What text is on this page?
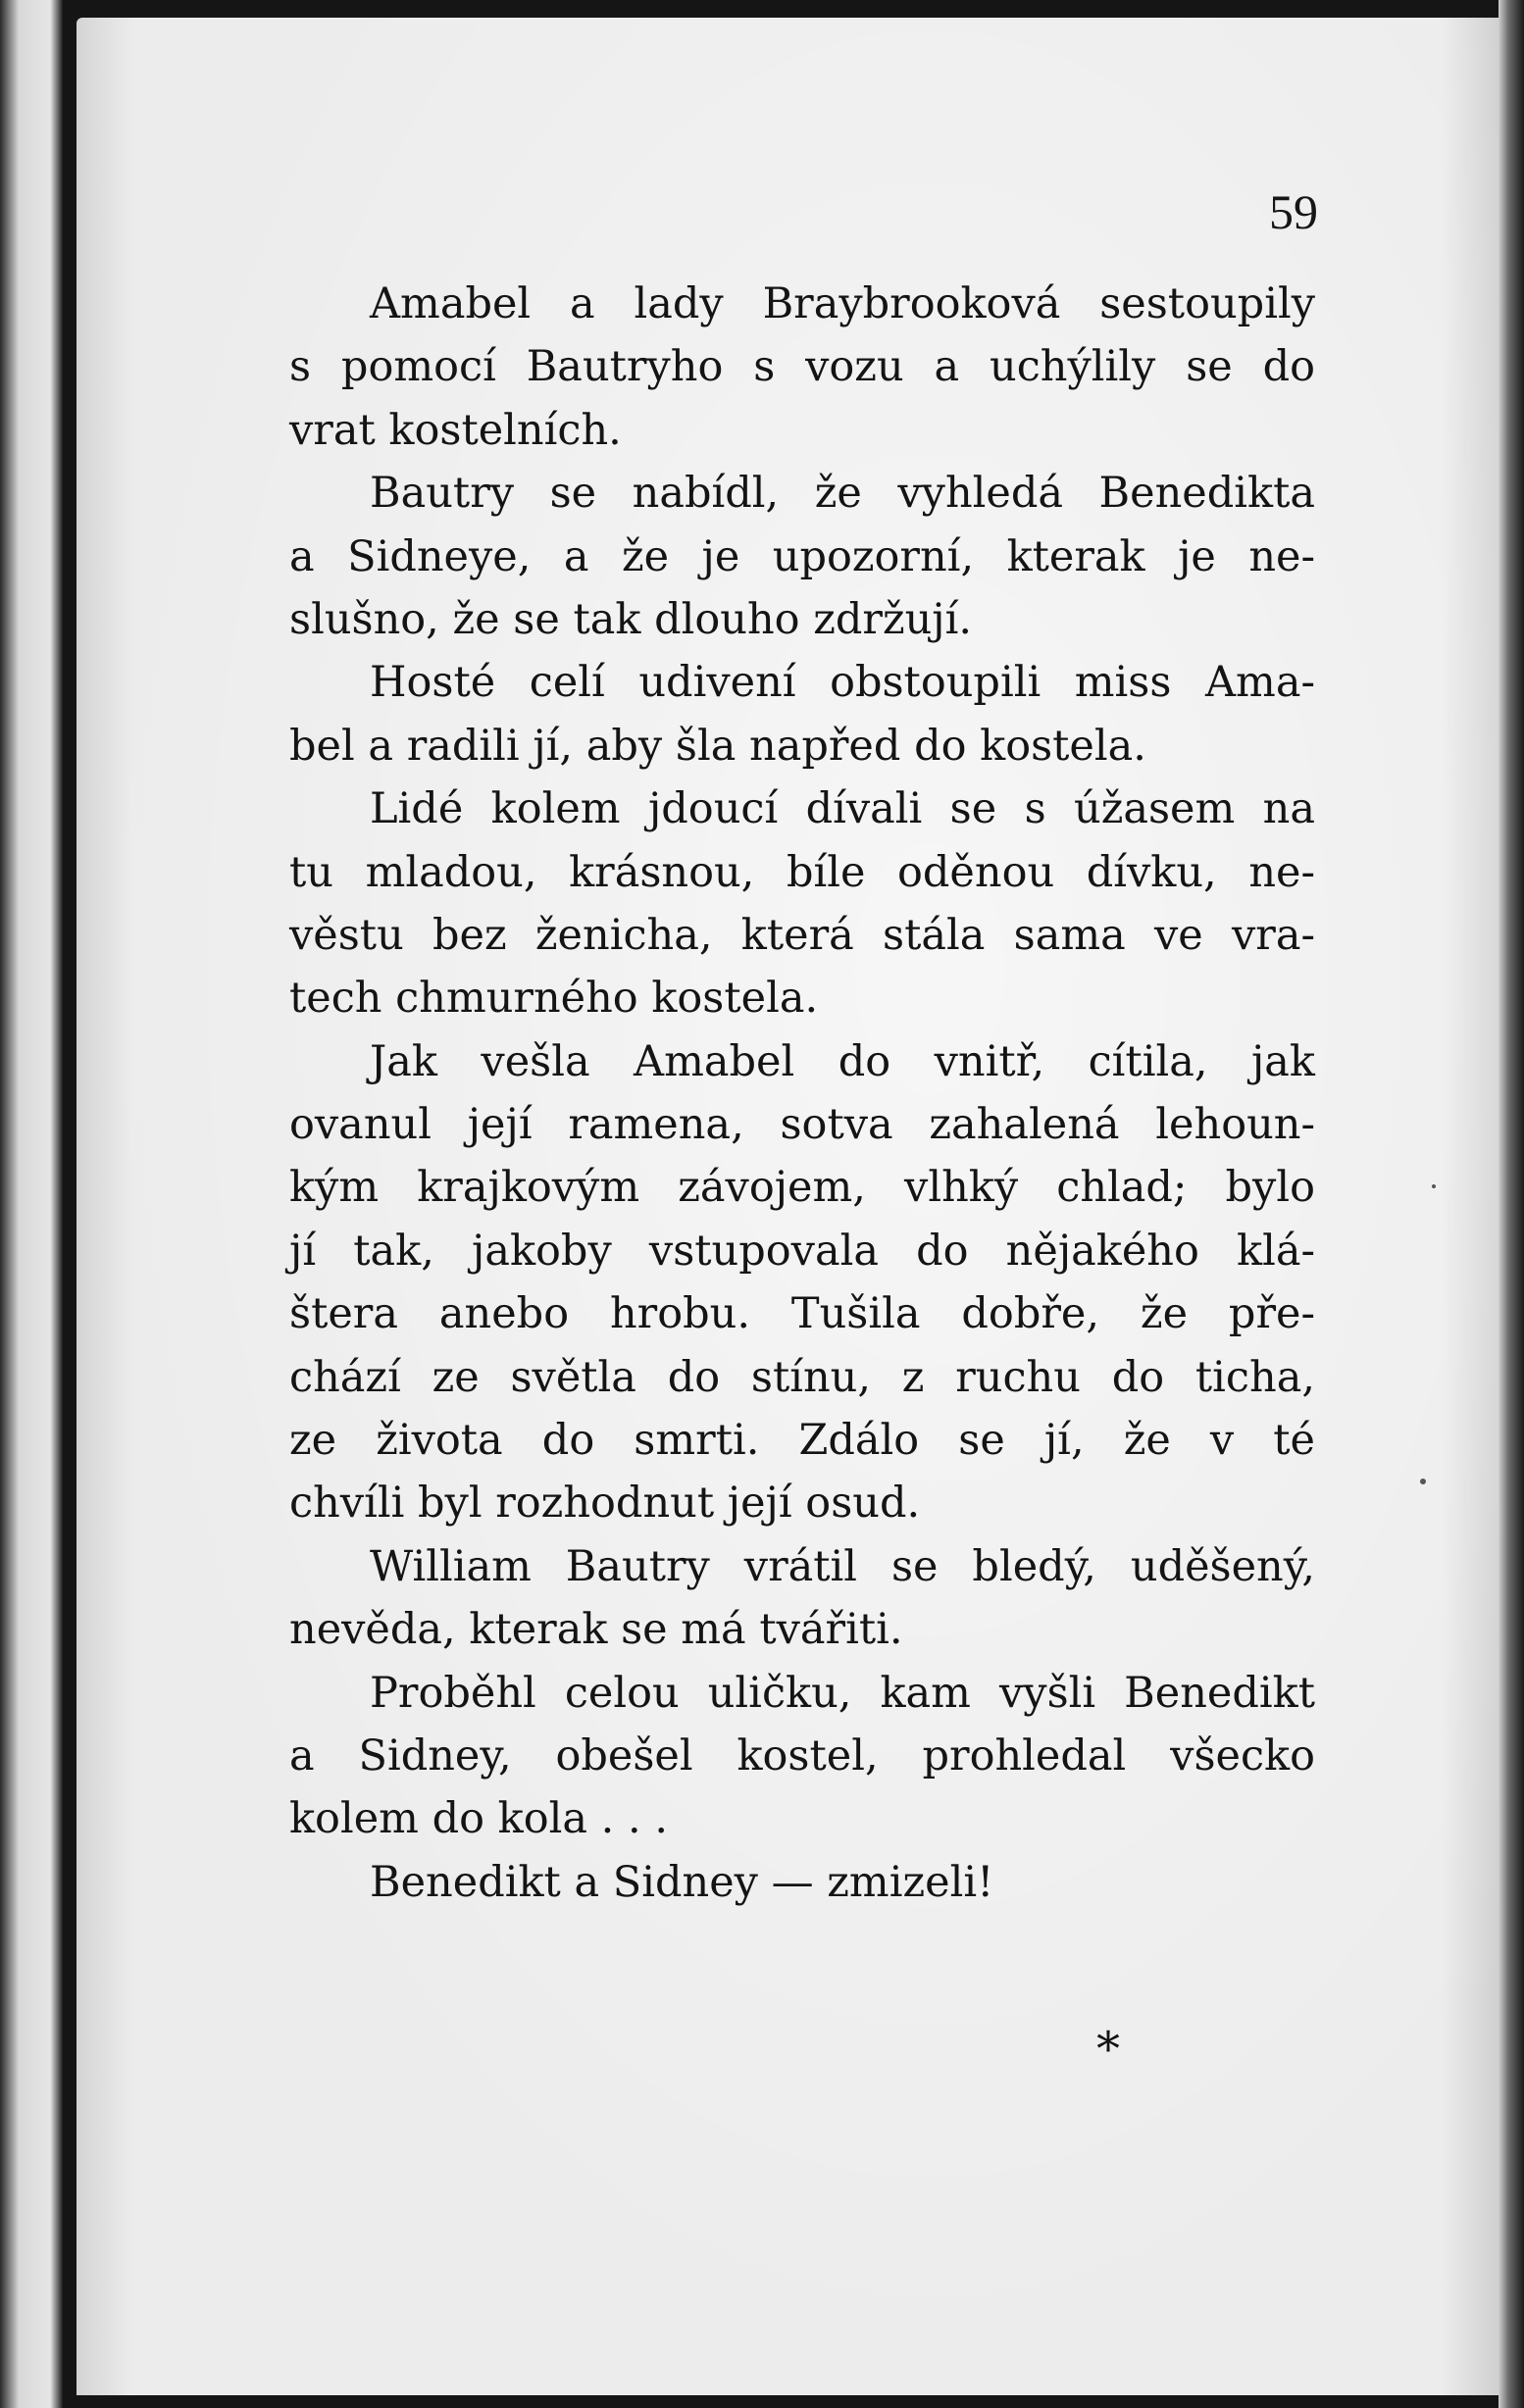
59
Amabel a lady Braybrooková sestoupily
s pomocí Bautryho s vozu a uchýlily se do
vrat kostelních.
Bautry se nabídl, že vyhledá Benedikta
a Sidneye, a že je upozorní, kterak je ne-
slušno, že se tak dlouho zdržují.
Hosté celí udivení obstoupili miss Ama-
bel a radili jí, aby šla napřed do kostela.
Lidé kolem jdoucí dívali se s úžasem na
tu mladou, krásnou, bíle oděnou dívku, ne-
věstu bez ženicha, která stála sama ve vra-
tech chmurného kostela.
Jak vešla Amabel do vnitř, cítila, jak
ovanul její ramena, sotva zahalená lehoun-
kým krajkovým závojem, vlhký chlad; bylo
jí tak, jakoby vstupovala do nějakého klá-
štera anebo hrobu. Tušila dobře, že pře-
chází ze světla do stínu, z ruchu do ticha,
ze života do smrti. Zdálo se jí, že v té
chvíli byl rozhodnut její osud.
William Bautry vrátil se bledý, uděšený,
nevěda, kterak se má tvářiti.
Proběhl celou uličku, kam vyšli Benedikt
a Sidney, obešel kostel, prohledal všecko
kolem do kola . . .
Benedikt a Sidney — zmizeli!
*
